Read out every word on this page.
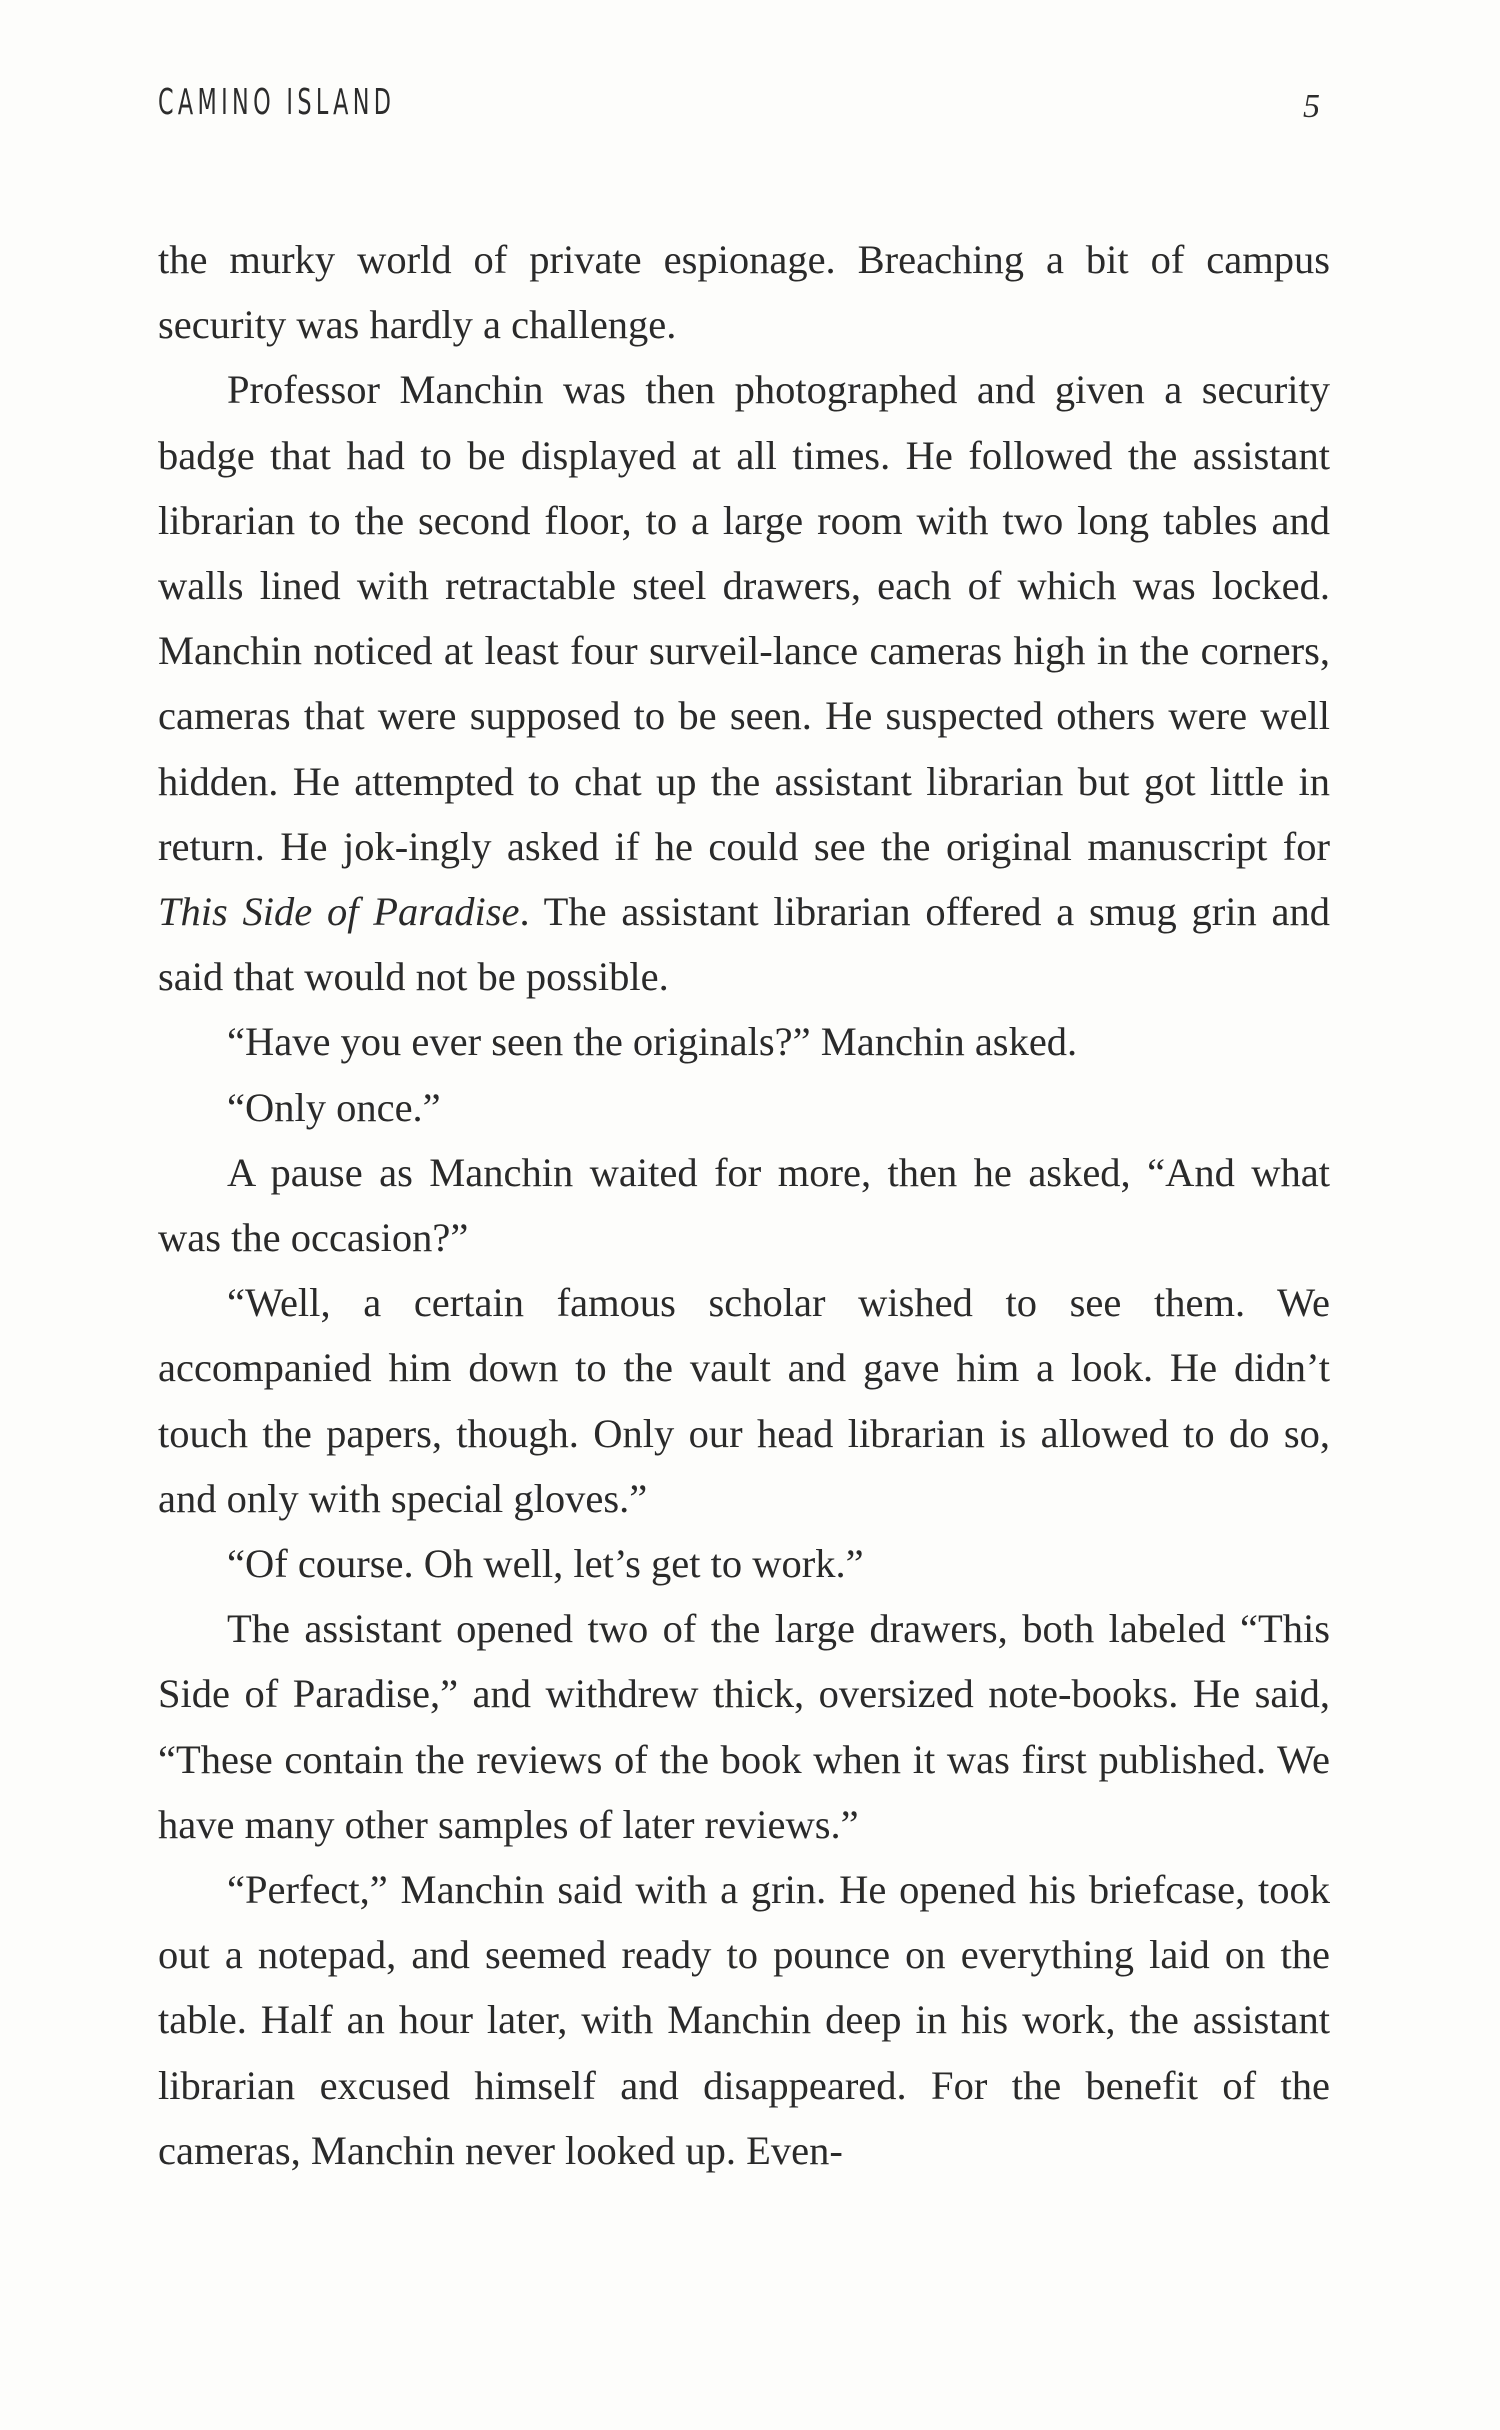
CAMINO ISLAND	5

the murky world of private espionage. Breaching a bit of campus security was hardly a challenge.

Professor Manchin was then photographed and given a security badge that had to be displayed at all times. He followed the assistant librarian to the second floor, to a large room with two long tables and walls lined with retractable steel drawers, each of which was locked. Manchin noticed at least four surveil-lance cameras high in the corners, cameras that were supposed to be seen. He suspected others were well hidden. He attempted to chat up the assistant librarian but got little in return. He jok-ingly asked if he could see the original manuscript for This Side of Paradise. The assistant librarian offered a smug grin and said that would not be possible.

“Have you ever seen the originals?” Manchin asked.

“Only once.”

A pause as Manchin waited for more, then he asked, “And what was the occasion?”

“Well, a certain famous scholar wished to see them. We accompanied him down to the vault and gave him a look. He didn’t touch the papers, though. Only our head librarian is allowed to do so, and only with special gloves.”

“Of course. Oh well, let’s get to work.”

The assistant opened two of the large drawers, both labeled “This Side of Paradise,” and withdrew thick, oversized note-books. He said, “These contain the reviews of the book when it was first published. We have many other samples of later reviews.”

“Perfect,” Manchin said with a grin. He opened his briefcase, took out a notepad, and seemed ready to pounce on everything laid on the table. Half an hour later, with Manchin deep in his work, the assistant librarian excused himself and disappeared. For the benefit of the cameras, Manchin never looked up. Even-
